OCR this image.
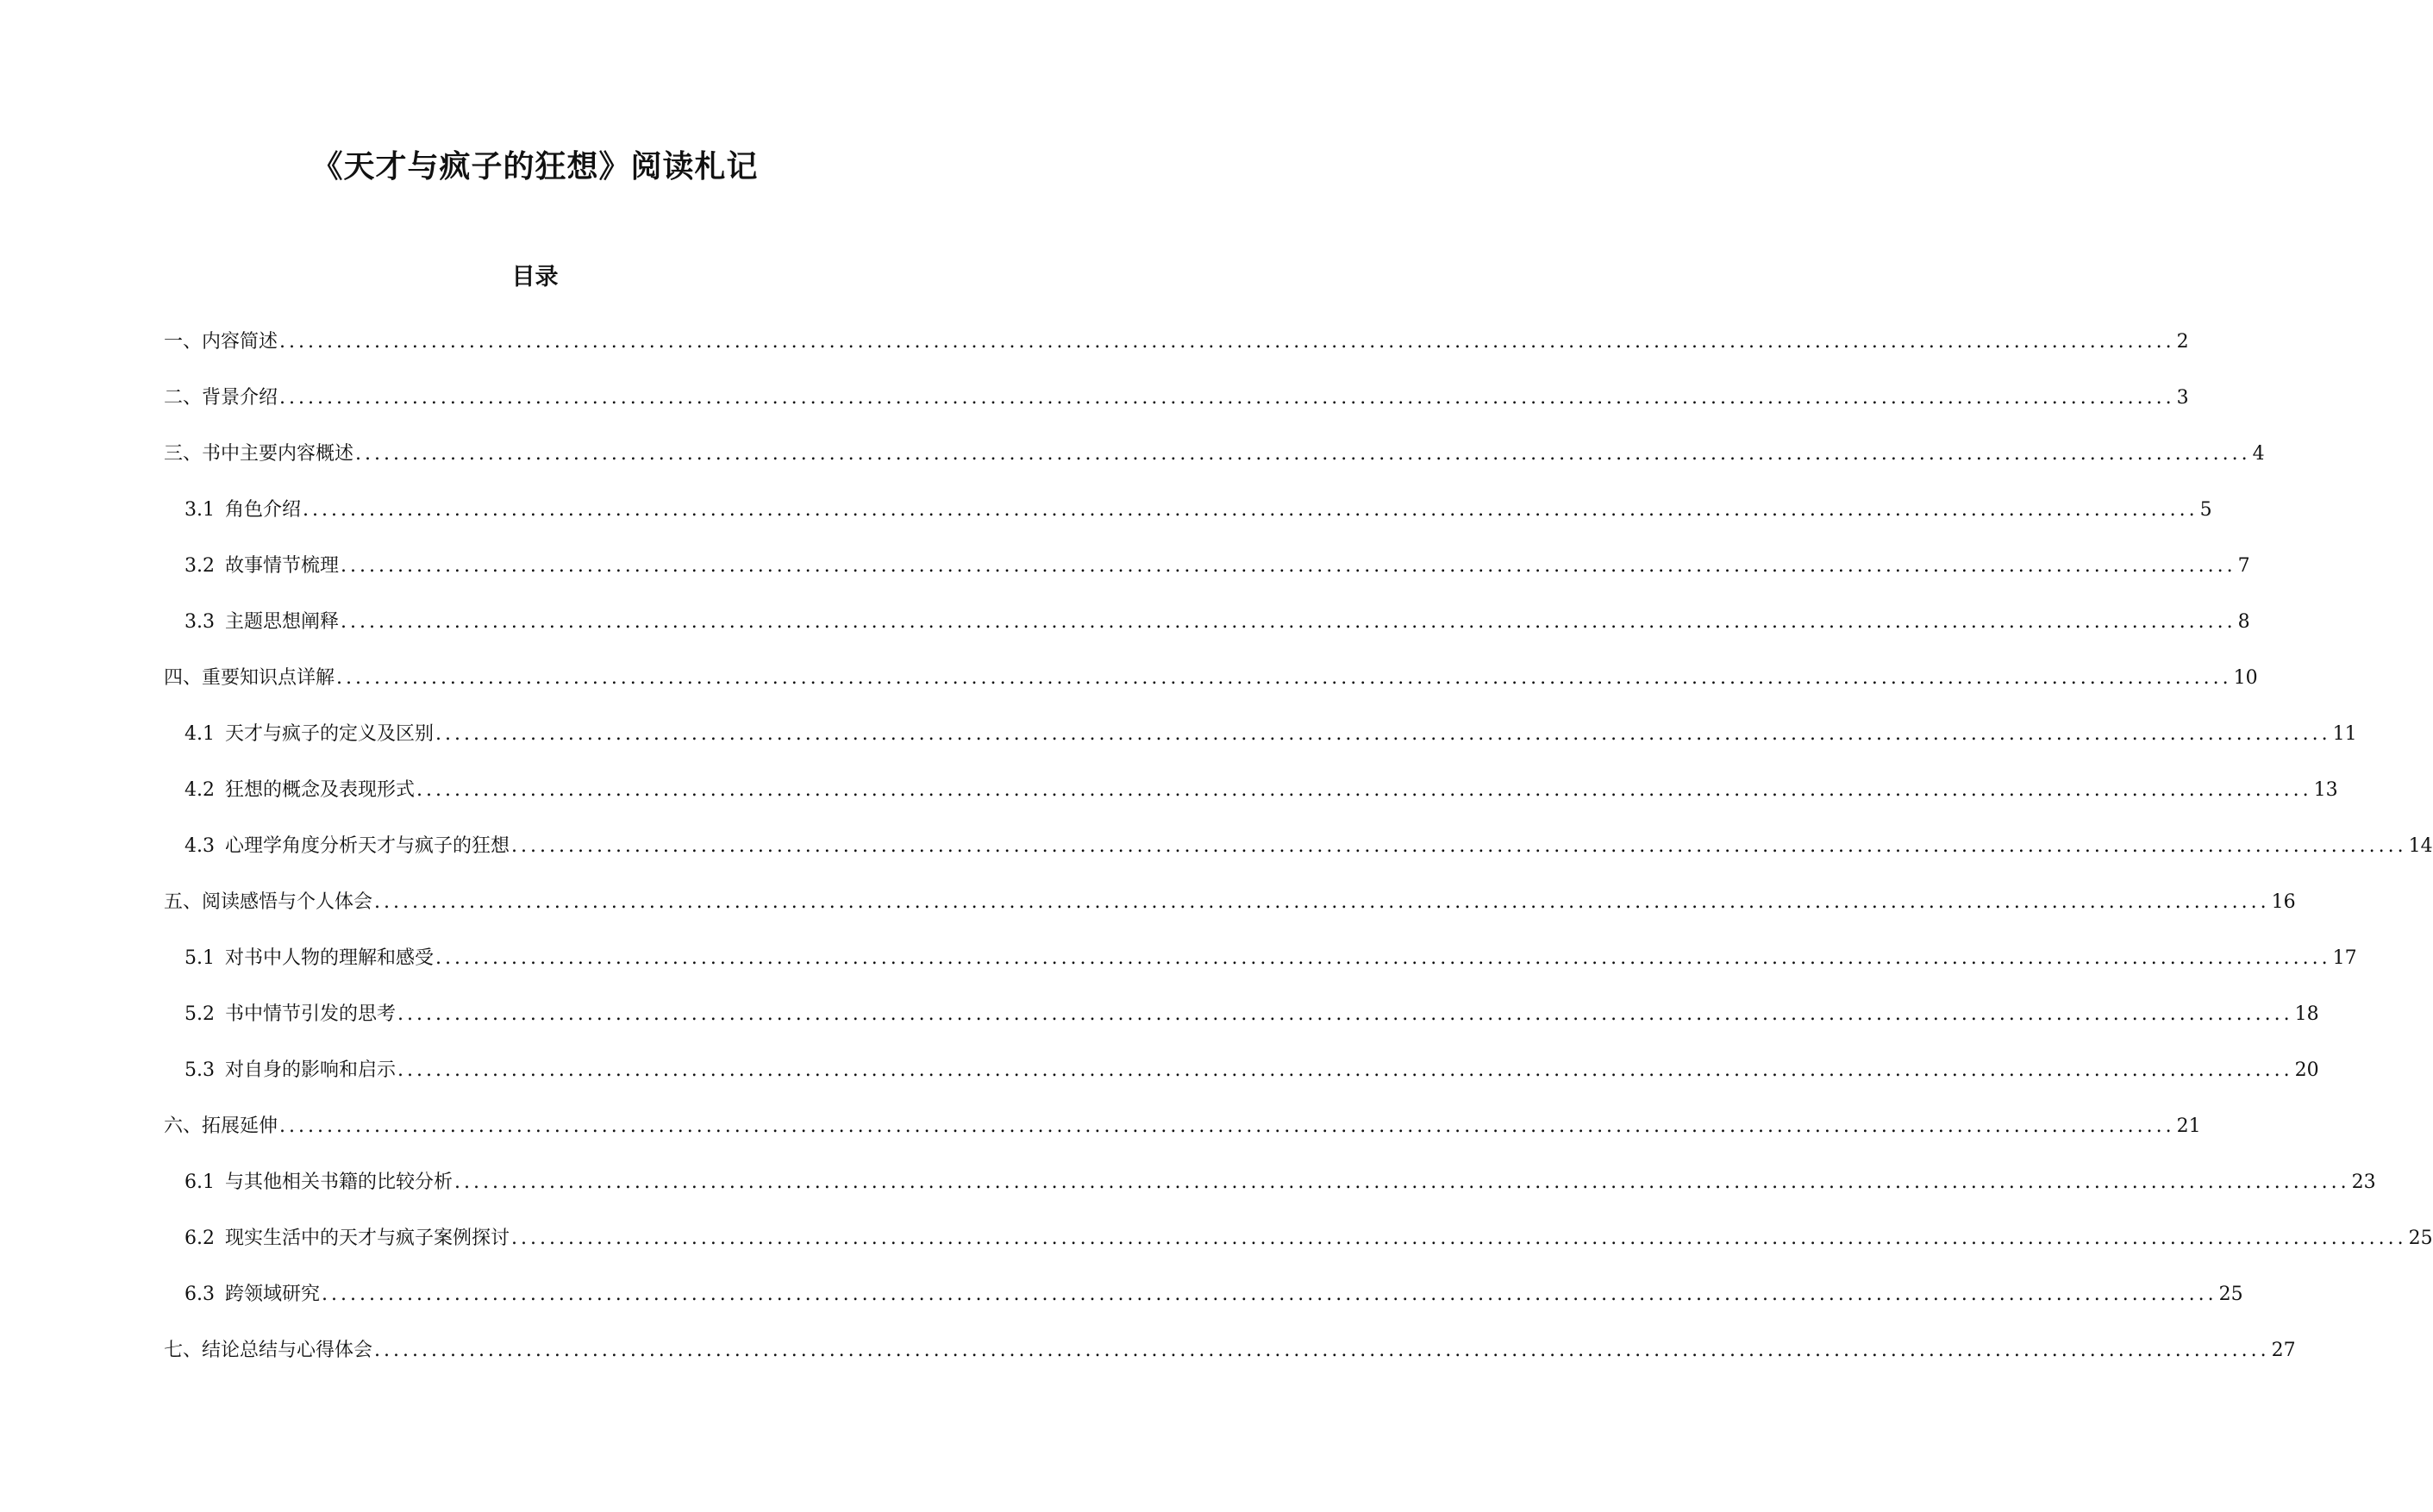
《天才与疯子的狂想》阅读札记
目录
一、内容简述 ........................................................................................................................................................................................................ 2
二、背景介绍 ........................................................................................................................................................................................................ 3
三、书中主要内容概述 ........................................................................................................................................................................................................ 4
3.1 角色介绍 ........................................................................................................................................................................................................ 5
3.2 故事情节梳理 ........................................................................................................................................................................................................ 7
3.3 主题思想阐释 ........................................................................................................................................................................................................ 8
四、重要知识点详解 ........................................................................................................................................................................................................ 10
4.1 天才与疯子的定义及区别 ........................................................................................................................................................................................................ 11
4.2 狂想的概念及表现形式 ........................................................................................................................................................................................................ 13
4.3 心理学角度分析天才与疯子的狂想 ........................................................................................................................................................................................................ 14
五、阅读感悟与个人体会 ........................................................................................................................................................................................................ 16
5.1 对书中人物的理解和感受 ........................................................................................................................................................................................................ 17
5.2 书中情节引发的思考 ........................................................................................................................................................................................................ 18
5.3 对自身的影响和启示 ........................................................................................................................................................................................................ 20
六、拓展延伸 ........................................................................................................................................................................................................ 21
6.1 与其他相关书籍的比较分析 ........................................................................................................................................................................................................ 23
6.2 现实生活中的天才与疯子案例探讨 ........................................................................................................................................................................................................ 25
6.3 跨领域研究 ........................................................................................................................................................................................................ 25
七、结论总结与心得体会 ........................................................................................................................................................................................................ 27
